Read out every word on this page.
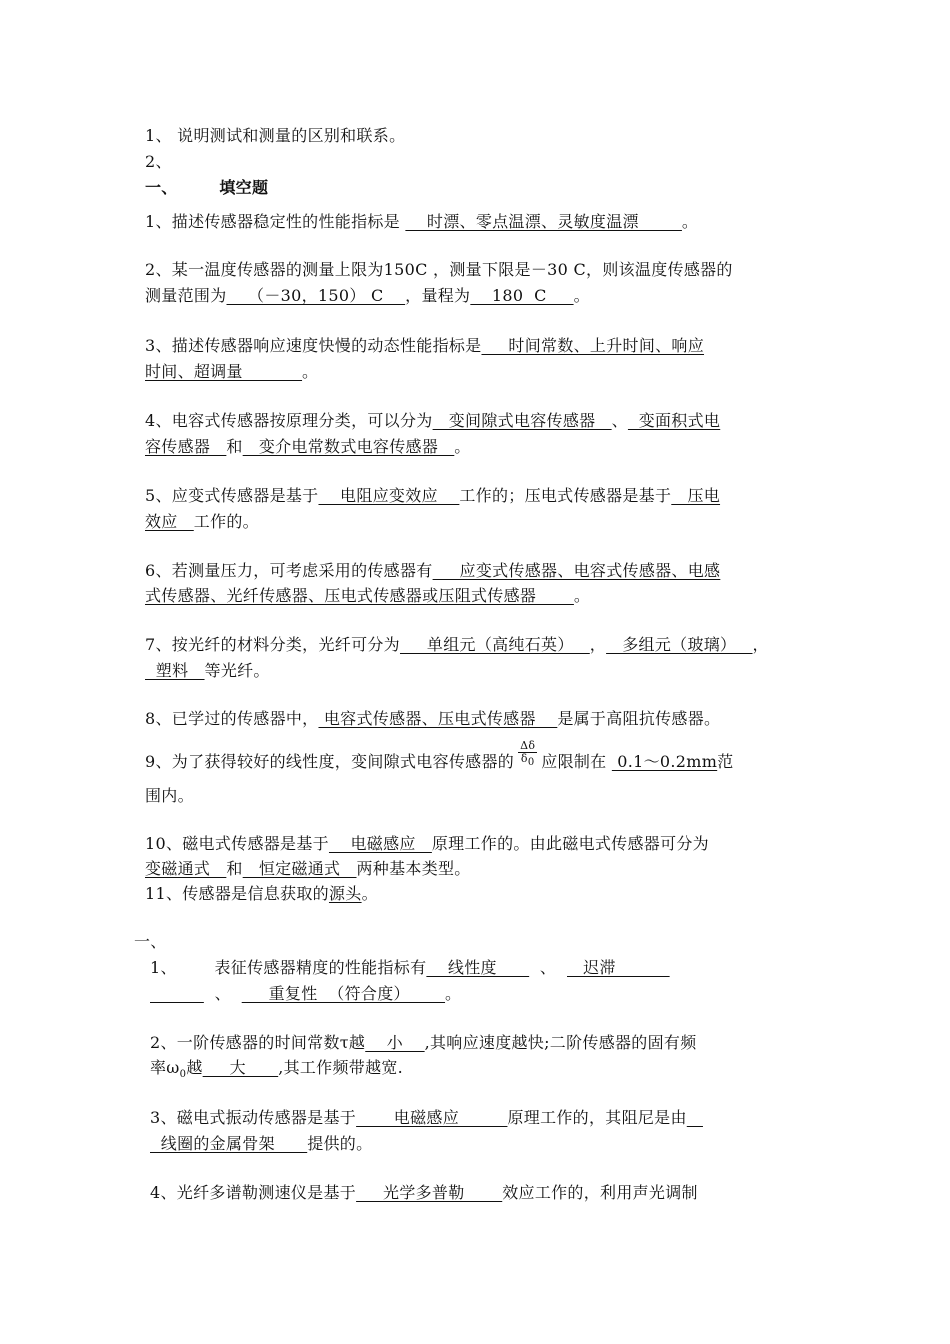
1、 说明测试和测量的区别和联系。
2、
一、	填空题
1、描述传感器稳定性的性能指标是     时漂、零点温漂、灵敏度温漂        。
2、某一温度传感器的测量上限为150C ，测量下限是－30 C，则该温度传感器的
测量范围为    （－30，150） C    ，量程为    180  C     。
3、描述传感器响应速度快慢的动态性能指标是     时间常数、上升时间、响应
时间、超调量           。
4、电容式传感器按原理分类，可以分为   变间隙式电容传感器   、  变面积式电
容传感器   和   变介电常数式电容传感器   。
5、应变式传感器是基于    电阻应变效应    工作的；压电式传感器是基于   压电
效应   工作的。
6、若测量压力，可考虑采用的传感器有     应变式传感器、电容式传感器、电感
式传感器、光纤传感器、压电式传感器或压阻式传感器       。
7、按光纤的材料分类，光纤可分为     单组元（高纯石英）   ，   多组元（玻璃）   ，
塑料   等光纤。
8、已学过的传感器中， 电容式传感器、压电式传感器    是属于高阻抗传感器。
9、为了获得较好的线性度，变间隙式电容传感器的 $\frac{\Delta\delta}{\delta 0}$ 应限制在  0.1～0.2mm范
围内。
10、磁电式传感器是基于    电磁感应   原理工作的。由此磁电式传感器可分为
变磁通式   和   恒定磁通式   两种基本类型。
11、传感器是信息获取的源头。
一、
1、       表征传感器精度的性能指标有    线性度        、     迟滞
、       重复性  （符合度）_     。
2、一阶传感器的时间常数τ越    小    ,其响应速度越快;二阶传感器的固有频
率$\omega_0$越     大      ,其工作频带越宽.
3、磁电式振动传感器是基于       电磁感应         原理工作的，其阻尼是由
线圈的金属骨架      提供的。
4、光纤多谱勒测速仪是基于     光学多普勒       效应工作的，利用声光调制
